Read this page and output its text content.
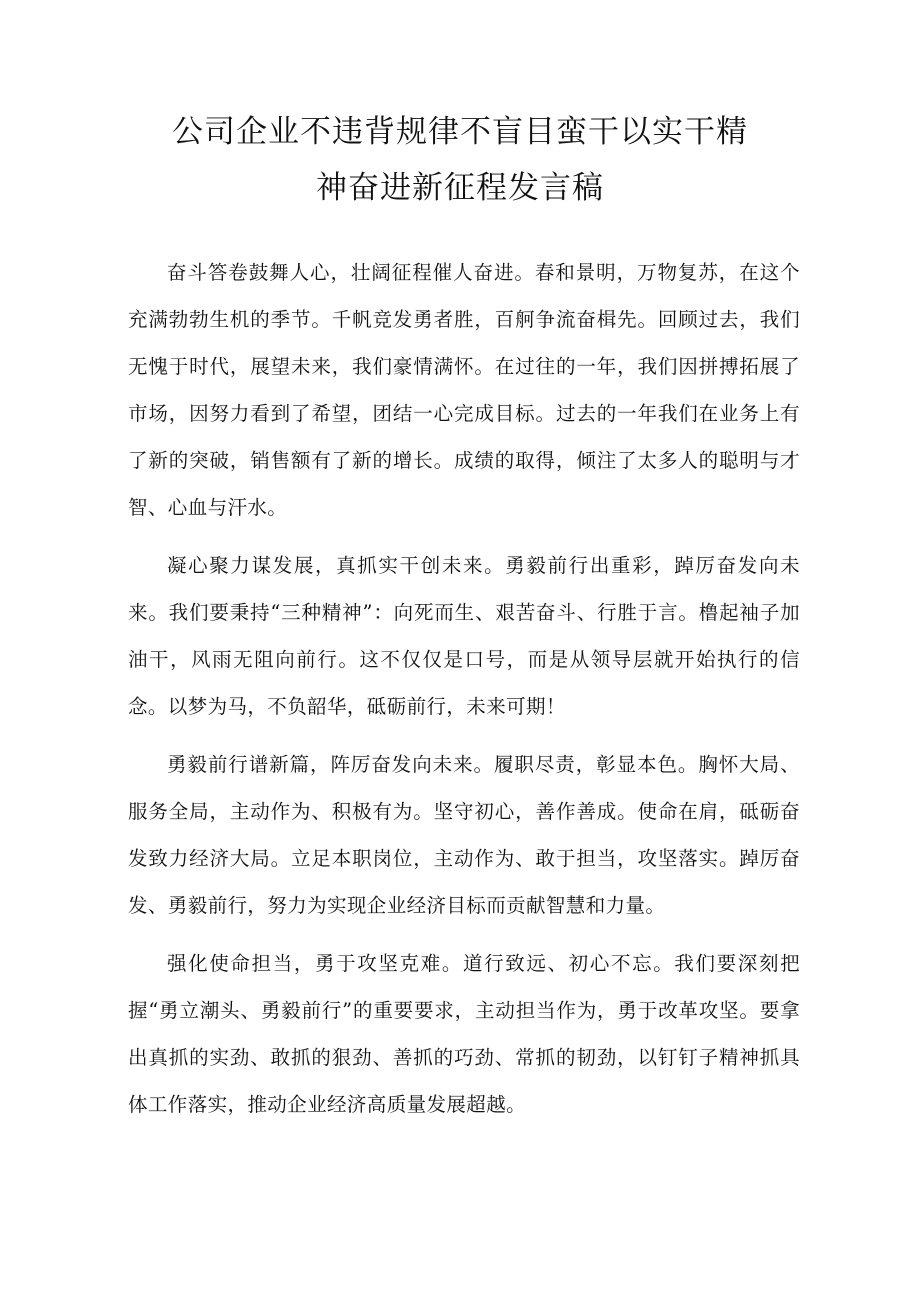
公司企业不违背规律不盲目蛮干以实干精
神奋进新征程发言稿

奋斗答卷鼓舞人心，壮阔征程催人奋进。春和景明，万物复苏，在这个充满勃勃生机的季节。千帆竞发勇者胜，百舸争流奋楫先。回顾过去，我们无愧于时代，展望未来，我们豪情满怀。在过往的一年，我们因拼搏拓展了市场，因努力看到了希望，团结一心完成目标。过去的一年我们在业务上有了新的突破，销售额有了新的增长。成绩的取得，倾注了太多人的聪明与才智、心血与汗水。

凝心聚力谋发展，真抓实干创未来。勇毅前行出重彩，踔厉奋发向未来。我们要秉持“三种精神”：向死而生、艰苦奋斗、行胜于言。橹起袖子加油干，风雨无阻向前行。这不仅仅是口号，而是从领导层就开始执行的信念。以梦为马，不负韶华，砥砺前行，未来可期！

勇毅前行谱新篇，阵厉奋发向未来。履职尽责，彰显本色。胸怀大局、服务全局，主动作为、积极有为。坚守初心，善作善成。使命在肩，砥砺奋发致力经济大局。立足本职岗位，主动作为、敢于担当，攻坚落实。踔厉奋发、勇毅前行，努力为实现企业经济目标而贡献智慧和力量。

强化使命担当，勇于攻坚克难。道行致远、初心不忘。我们要深刻把握“勇立潮头、勇毅前行”的重要要求，主动担当作为，勇于改革攻坚。要拿出真抓的实劲、敢抓的狠劲、善抓的巧劲、常抓的韧劲，以钉钉子精神抓具体工作落实，推动企业经济高质量发展超越。
